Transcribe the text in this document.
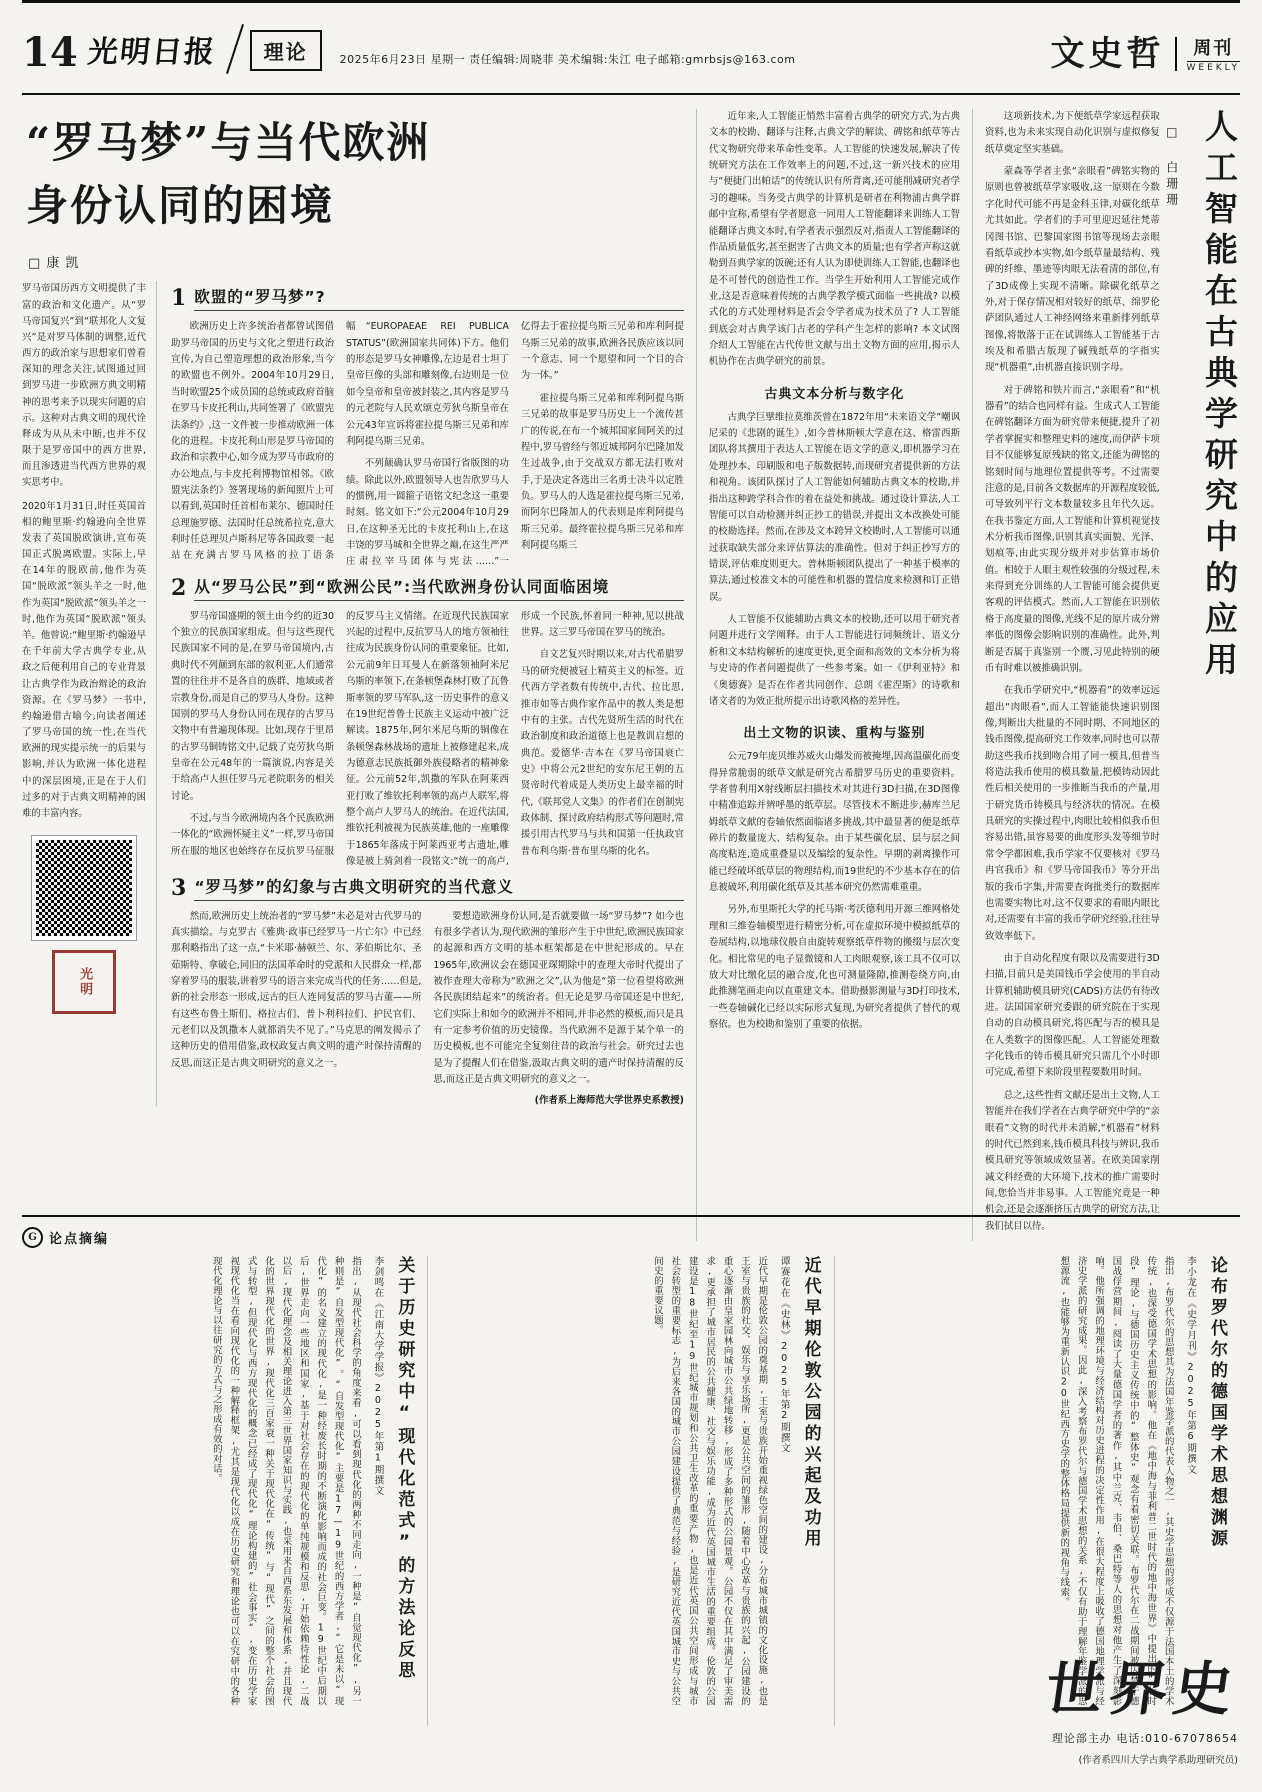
14 光明日报	理论	2025年6月23日 星期一 责任编辑:周晓菲 美术编辑:朱江 电子邮箱:gmrbsjs@163.com	文史哲 周刊
WEEKLY
“罗马梦”与当代欧洲
身份认同的困境
□ 康 凯

罗马帝国历西方文明提供了丰富的政治和文化遗产。从“罗马帝国复兴”到“联邦化人文复兴”是对罗马体制的调整,近代西方的政治家与思想家们曾看深知的理念关注,试图通过回到罗马进一步欧洲方典文明精神的思考来予以现实问题的启示。这种对古典文明的现代诠释成为从从未中断,也并不仅限于是罗帝国中的西方世界,而且渗透进当代西方世界的观实思考中。

2020年1月31日,时任英国首相的鲍里斯·约翰逊向全世界发表了英国脱欧演讲,宣布英国正式脱离欧盟。实际上,早在14年的脱欧前,他作为英国“脱欧派”领头羊之一时,他作为英国“脱欧派”领头羊之一时,他作为英国“脱欧派”领头羊。他曾说:“鲍里斯·约翰逊早在千年前大学古典学专业,从政之后便利用自己的专业背景让古典学作为政治辩论的政治资源。在《罗马梦》一书中,约翰逊借古喻今,向读者阐述了罗马帝国的统一性,在当代欧洲的现实提示统一的后果与影响,并认为欧洲一体化进程中的深层困境,正是在于人们过多的对于古典文明精神的困难的丰富内容。

光明
1 欧盟的“罗马梦”?

欧洲历史上许多统治者都曾试图借助罗马帝国的历史与文化之塑进行政治宣传,为自己塑造理想的政治形象,当今的欧盟也不例外。2004年10月29日,当时欧盟25个成员国的总统或政府首脑在罗马卡皮托利山,共同签署了《欧盟宪法条约》,这一文件被一步推动欧洲一体化的进程。卡皮托利山形是罗马帝国的政治和宗教中心,如今成为罗马市政府的办公地点,与卡皮托利博物馆相邻。《欧盟宪法条约》签署现场的新闻照片上可以看到,英国时任首相布莱尔、德国时任总理施罗德、法国时任总统希拉克,意大利时任总理贝卢斯科尼等各国政要一起站在充满古罗马风格的拉丁语条幅“EUROPAEAE REI PUBLICA STATUS”(欧洲国家共同体)下方。他们的形态是罗马女神雕像,左边是君士坦丁皇帝巨像的头部和雕刻像,右边则是一位如今皇帝和皇帝被封装之,其内容是罗马的元老院与人民欢颂克劳狄乌斯皇帝在公元43年宣诉将霍拉提乌斯三兄弟和库利阿提乌斯三兄弟。

不列颠确认罗马帝国行省版图的功绩。除此以外,欧盟领导人也告欣罗马人的惯例,用一圆箍子语铭文纪念这一重要时刻。铭文如下:“公元2004年10月29日,在这种圣无比的卡皮托利山上,在这丰饶的罗马城和全世界之巅,在这生严严庄 肃 拉 宰 马 团 体 与 宪 法 ……”一亿得去于霍拉提乌斯三兄弟和库利阿提乌斯三兄弟的故事,欧洲各民族应该以同一个意志、同一个愿望和同一个目的合为一体。”

霍拉提乌斯三兄弟和库利阿提乌斯三兄弟的故事是罗马历史上一个流传甚广的传说,在布一个城邦国家间阿关的过程中,罗马曾经与邻近城邦阿尔巴隆加发生过战争,由于交战双方都无法打败对手,于是决定各选出三名勇士决斗以定胜负。罗马人的人选是霍拉提乌斯三兄弟,而阿尔巴隆加人的代表则是库利阿提乌斯三兄弟。最终霍拉提乌斯三兄弟和库利阿提乌斯三

2 从“罗马公民”到“欧洲公民”:当代欧洲身份认同面临困境

罗马帝国盛期的领土由今约的近30个独立的民族国家组成。但与这些现代民族国家不同的是,在罗马帝国境内,古典时代不列颠到东部的叙利亚,人们通常置的往往并不是各自的族群、地域或者宗教身份,而是自己的罗马人身份。这种国别的罗马人身份认同在现存的古罗马文物中有普遍现体现。比如,现存于里昂的古罗马铜铸铭文中,记载了克劳狄乌斯皇帝在公元48年的一篇演说,内容是关于给高卢人担任罗马元老院职务的相关讨论。

不过,与当今欧洲境内各个民族欧洲一体化的“欧洲怀疑主义”一样,罗马帝国所在服的地区也始终存在反抗罗马征服的反罗马主义情绪。在近现代民族国家兴起的过程中,反抗罗马人的地方领袖往往成为民族身份认同的重要象征。比如,公元前9年日耳曼人在新落领袖阿米尼乌斯的率领下,在条顿堡森林打败了瓦鲁斯率领的罗马军队,这一历史事件的意义在19世纪普鲁士民族主义运动中被广泛解读。1875年,阿尔米尼乌斯的铜像在条顿堡森林战场的遗址上被修建起来,成为德意志民族抵御外族侵略者的精神象征。公元前52年,凯撒的军队在阿莱西亚打败了维钦托利率领的高卢人联军,将整个高卢人罗马人的统治。在近代法国,维钦托利被视为民族英雄,他的一座雕像于1865年落成于阿莱西亚考古遗址,雕像是被上骑剑着一段铭文:“统一的高卢,形成一个民族,怀着同一种神,见以挑战世界。这三罗马帝国在罗马的统治。

自文艺复兴时期以来,对古代希腊罗马的研究便被冠上精英主义的标签。近代西方学者数有传统中,古代、拉比思,推市如等古典作家作品中的教人类是想中有的主张。古代先贤所生活的时代在政治制度和政治道德上也是教训启想的典范。爱德华·吉本在《罗马帝国衰亡史》中将公元2世纪的安东尼王朝的五贤帝时代着成是人类历史上最幸福的时代,《联邦党人文集》的作者们在创制宪政体制、探讨政府结构形式等问题时,常援引用古代罗马与共和国第一任执政官普布利乌斯·普布里乌斯的化名。

3 “罗马梦”的幻象与古典文明研究的当代意义

然而,欧洲历史上统治者的“罗马梦”未必是对古代罗马的真实描绘。与克罗古《雅典·政事已经罗马一片亡尔》中已经那利略指出了这一点,“卡米耶·赫顿兰、尔、茅伯斯比尔、圣茹斯特、拿破仑,同旧的法国革命时的党派和人民群众一样,都穿着罗马的服装,讲着罗马的语言来完成当代的任务……但是,新的社会形态一形成,远古的巨人连同复活的罗马古董——所有这些布鲁土斯们、格拉古们、普卜利科拉们、护民官们、元老们以及凯撒本人就都消失不见了。”马克思的阐发揭示了这种历史的借用借鉴,政权政复古典文明的遗产时保持清醒的反思,而这正是古典文明研究的意义之一。

要想造欧洲身份认同,是否就要做一场“罗马梦”? 如今也有很多学者认为,现代欧洲的雏形产生于中世纪,欧洲民族国家的起源和西方文明的基本框架都是在中世纪形成的。早在1965年,欧洲议会在德国亚琛期除中的查理大帝时代提出了被作查理大帝称为“欧洲之父”,认为他是“第一位看望将欧洲各民族团结起来”的统治者。但无论是罗马帝国还是中世纪,它们实际上和如今的欧洲并不相同,并非必然的模板,而只是具有一定参考价值的历史镜像。当代欧洲不是源于某个单一的历史模板,也不可能完全复刻往昔的政治与社会。研究过去也是为了提醒人们在借鉴,汲取古典文明的遗产时保持清醒的反思,而这正是古典文明研究的意义之一。

(作者系上海师范大学世界史系教授)

近年来,人工智能正悄然丰富着古典学的研究方式,为古典文本的校勘、翻译与注释,古典文学的解读、碑铭和纸草等古代文物研究带来革命性变革。人工智能的快速发展,解决了传统研究方法在工作效率上的问题,不过,这一新兴技术的应用与“便捷门出帕话”的传统认识有所背离,还可能削减研究者学习的趣味。当务受古典学的计算机是研者在利物浦古典学群邮中宣称,希望有学者愿意一同用人工智能翻译来训练人工智能翻译古典文本时,有学者表示强烈反对,指责人工智能翻译的作品质量低劣,甚至据害了古典文本的质量;也有学者声称这就勒到吾典学家的饭碗;还有人认为即使训练人工智能,也翻译也是不可替代的创造性工作。当学生开始利用人工智能完成作业,这是否意味着传统的古典学教学模式面临一些挑战? 以模式化的方式处理材料是否会令学者成为技术员了? 人工智能到底会对古典学该门古老的学科产生怎样的影响? 本文试图介绍人工智能在古代传世文献与出土文物方面的应用,揭示人机协作在古典学研究的前景。

古典文本分析与数字化

古典学巨擘维拉莫维茨曾在1872年用“未来语文学”嘲讽尼采的《悲剧的诞生》,如今普林斯顿大学意在这、格雷西斯团队将其撰用于表达人工智能在语文学的意义,即机器学习在处理抄本、印刷版和电子版数据转,而现研究者提供新的方法和视角。该团队探讨了人工智能如何辅助古典文本的校勘,并指出这种跨学科合作的着在益处和挑战。通过设计算法,人工智能可以自动检测并纠正抄工的错误,并提出文本改换处可能的校勘选择。然而,在涉及文本跨异文校勘时,人工智能可以通过获取缺失部分来评估算法的准确性。但对于纠正抄写方的错误,评估难度则更大。普林斯顿团队提出了一种基于模率的算法,通过校准文本的可能性和机器的置信度来检测和订正错误。

人工智能不仅能辅助古典文本的校勘,还可以用于研究者问题并进行文学阐释。由于人工智能进行词频统计、语义分析和文本结构解析的速度更快,更全面和高效的文本分析为将与史诗的作者问题提供了一些参考案。如一《伊利亚特》和《奥德赛》是否在作者共同创作、总朗《霍涅斯》的诗歌和诸文者的为效正批所提示出诗歌风格的差异性。

出土文物的识读、重构与鉴别

公元79年庞贝维苏威火山爆发而被掩埋,因高温碳化而变得异常脆弱的纸草文献是研究古希腊罗马历史的重要资料。学者曾利用X射线断层扫描技术对其进行3D扫描,在3D图像中精准追踪并辨呼墨的纸草层。尽管技术不断进步,赫库兰尼姆纸草文献的卷轴依然面临诸多挑战,其中最显著的便是纸草碎片的数量庞大、结构复杂。由于某些碳化层、层与层之间高度粘连,造成重叠显以及编绘的复杂性。早期的剥离操作可能已经破坏纸草层的物理结构,而19世纪的不少基本存在的信息被破坏,利用碳化纸草及其基本研究仍然需难重重。

另外,布里斯托大学的托马斯·考沃德利用开源三维网格处理和三维卷轴模型进行精密分析,可在虚拟环境中模拟纸草的卷展结构,以地球仪般自由旋转观察纸草件物的搬缀与层次变化。相比常见的电子显微镜和人工肉眼观察,该工具不仅可以放大对比缴化层的融合度,化也可测量隆隙,推测卷绕方向,由此推测笔画走向以直重建文本。借助摄影测量与3D打印技术,一些卷轴碱化已经以实际形式复现,为研究者提供了替代的观察依。也为校勘和鉴别了重要的依据。

这项新技术,为下便纸草学家远程获取资料,也为未来实现自动化识别与虚拟修复纸草奠定坚实基础。

蒙森等学者主张“亲眼看”碑铭实物的原则也曾被纸草学家吸收,这一原则在今数字化时代可能不再是金科玉律,对碳化纸草尤其如此。学者们的手可里迎迟延往梵蒂冈图书馆、巴黎国家图书馆等现场去亲眼看纸草或抄本实物,如今纸草量最结构、残碑的纤维、墨迹等肉眼无法看清的部位,有了3D成像上实现不清晰。除碳化纸草之外,对于保存情况相对较好的纸草、绵罗伦萨团队通过人工神经网络来重新排列纸草图像,将散落于正在试训练人工智能基于古埃及和希腊古版现了碱残纸草的字指实现“机器重”,由机器直接识别字母。

对于碑铭和铁片而言,“亲眼看”和“机器看”的结合也同样有益。生成式人工智能在碑铭翻译方面为研究带来便捷,提升了初学者掌握实和整理史料的速度,而伊萨卡项目不仅能够复原残缺的铭文,还能为碑铭的铭刻时间与地理位置提供等考。不过需要注意的是,目前各文数据库的开源程度较低,可导致列平行文本数量较多且年代久远。在我书鉴定方面,人工智能和计算机视觉技术分析我币图像,识别其真实面貌、光泽、划痕等,由此实现分级并对步估算市场价值。相较于人眼主观性较强的分级过程,未来得到充分训练的人工智能可能会提供更客观的评估模式。然而,人工智能在识别依格于高度量的图像,光线不足的原片成分辨率低的图像会影响识别的准确性。此外,判断是否属于真鉴别一个赝,习见此特别的硬币有时难以被推确识别。

在我币学研究中,“机器看”的效率远远超出“肉眼看”,而人工智能能快速识别图像,判断出大批量的不同时期、不同地区的钱币图像,提高研究工作效率,同时也可以帮助这些我币找到吻合用了同一模具,但普当将造法我币使用的模具数量,把模铸动因此性后相关使用的一步推断当我币的产量,用于研究货币铸模具与经济状的情况。在模具研究的实操过程中,肉眼比较相似我币但容易出错,虽容易要的曲度形头发等细节时常令学都困难,我币学家不仅要核对《罗马冉官我币》和《罗马帝国我币》等分开出版的我币字集,并需要查询批类行的数据库也需要实物比对,这不仅要求的看眼内眼比对,还需要有丰富的我币学研究经验,往往导致效率低下。

由于自动化程度有限以及需要进行3D扫描,目前只是美国钱币学会使用的半自动计算机辅助模具研究(CADS)方法仍有待改进。法国国家研究委跟的研究院在于实现自动的自动模具研究,将匹配与否的模具是在人类数字的图像匹配。人工智能处理数字化钱币的铸币模具研究只需几个小时即可完成,希望下来阶段里程要数用时间。

总之,这些性哲文献还是出土文物,人工智能并在我们学者在古典学研究中学的“亲眼看”文物的时代并未消解,“机器看”材料的时代已然到来,钱币模具科技与辨识,我币模具研究等领域成效显著。在欧美国家削减文科经费的大环境下,技术的推广需要时间,您恰当并非易事。人工智能究竟是一种机会,还是会逐渐挤压古典学的研究方法,让我们拭目以待。

□ 白珊珊 人工智能在古典学研究中的应用
G 论点摘编
关于历史研究中“现代化范式”的方法论反思
李剑鸣在《江南大学学报》2025年第1期撰文
指出,从现代社会科学的角度来看,可以看到现代化的两种不同走向,一种是“自觉现代化”,另一种则是“自发型现代化”。“自发型现代化”主要是17—19世纪的西方学者,“它是未以“现代化”的名义建立的现代化,是一种经废长时期的不断演化影响而成的社会巨变。19世纪中后期以后,世界走向一些地区和国家,基于对社会存在的现代化的单纯规模和反思,开始依赖待性论,二战以后,现代化理念及相关理论进入第三世界国家知识与实践,也采用来自西系东发展和体系,并且现代化的世界现代化的世界,现代化三百家衰一种关于现代化在“传统”与“现代”之间的整个社会的图式与转型,但现代化与西方现代化的概念已经成了现代化“理论构建的”社会事实“,变在历史学家视现代化当在看向现代化的一种解释框架,尤其是现代化以成在历史研究和理论也可以在究研中的各种现代化理论与以往研究的方式与之形成有效的对话。	近代早期伦敦公园的兴起及功用
谭赛花在《史林》2025年第2期撰文
近代早期是伦敦公园的奠基期,王室与贵族开始重视绿色空间的建设,分布城市城镇的文化设施,也是王室与贵族的社交、娱乐与享乐场所,更是公共空间的雏形,随着中心改革与贵族的兴起,公园建设的重心逐渐由皇家园林向城市公共绿地转移,形成了多种形式的公园景观。公园不仅在其中满足了审美需求,更承担了城市居民的公共健康、社交与娱乐功能,成为近代英国城市生活的重要组成。伦敦的公园建设是18世纪至19世纪城市规划和公共卫生改革的重要产物,也是近代英国公共空间形成与城市社会转型的重要标志,为后来各国的城市公园建设提供了典范与经验,是研究近代英国城市史与公共空间史的重要议题。	论布罗代尔的德国学术思想渊源
李小龙在《史学月刊》2025年第6期撰文
指出,布罗代尔的思想其为法国年鉴学派的代表人物之一,其史学思想的形成不仅源于法国本土的学术传统,也深受德国学术思想的影响。他在《地中海与菲利普二世时代的地中海世界》中提出的“长时段”理论,与德国历史主义传统中的“整体史”观念有着密切关联。布罗代尔在二战期间被囚禁于德国战俘营期间,阅读了大量德国学者的著作,其中兰克、韦伯、桑巴特等人的思想对他产生了深刻影响。他所强调的地理环境与经济结构对历史进程的决定性作用,在很大程度上吸收了德国地理学派与经济史学派的研究成果。因此,深入考察布罗代尔与德国学术思想的关系,不仅有助于理解年鉴学派的思想源流,也能够为重新认识20世纪西方史学的整体格局提供新的视角与线索。
世界史
理论部主办 电话:010-67078654
(作者系四川大学古典学系助理研究员)
